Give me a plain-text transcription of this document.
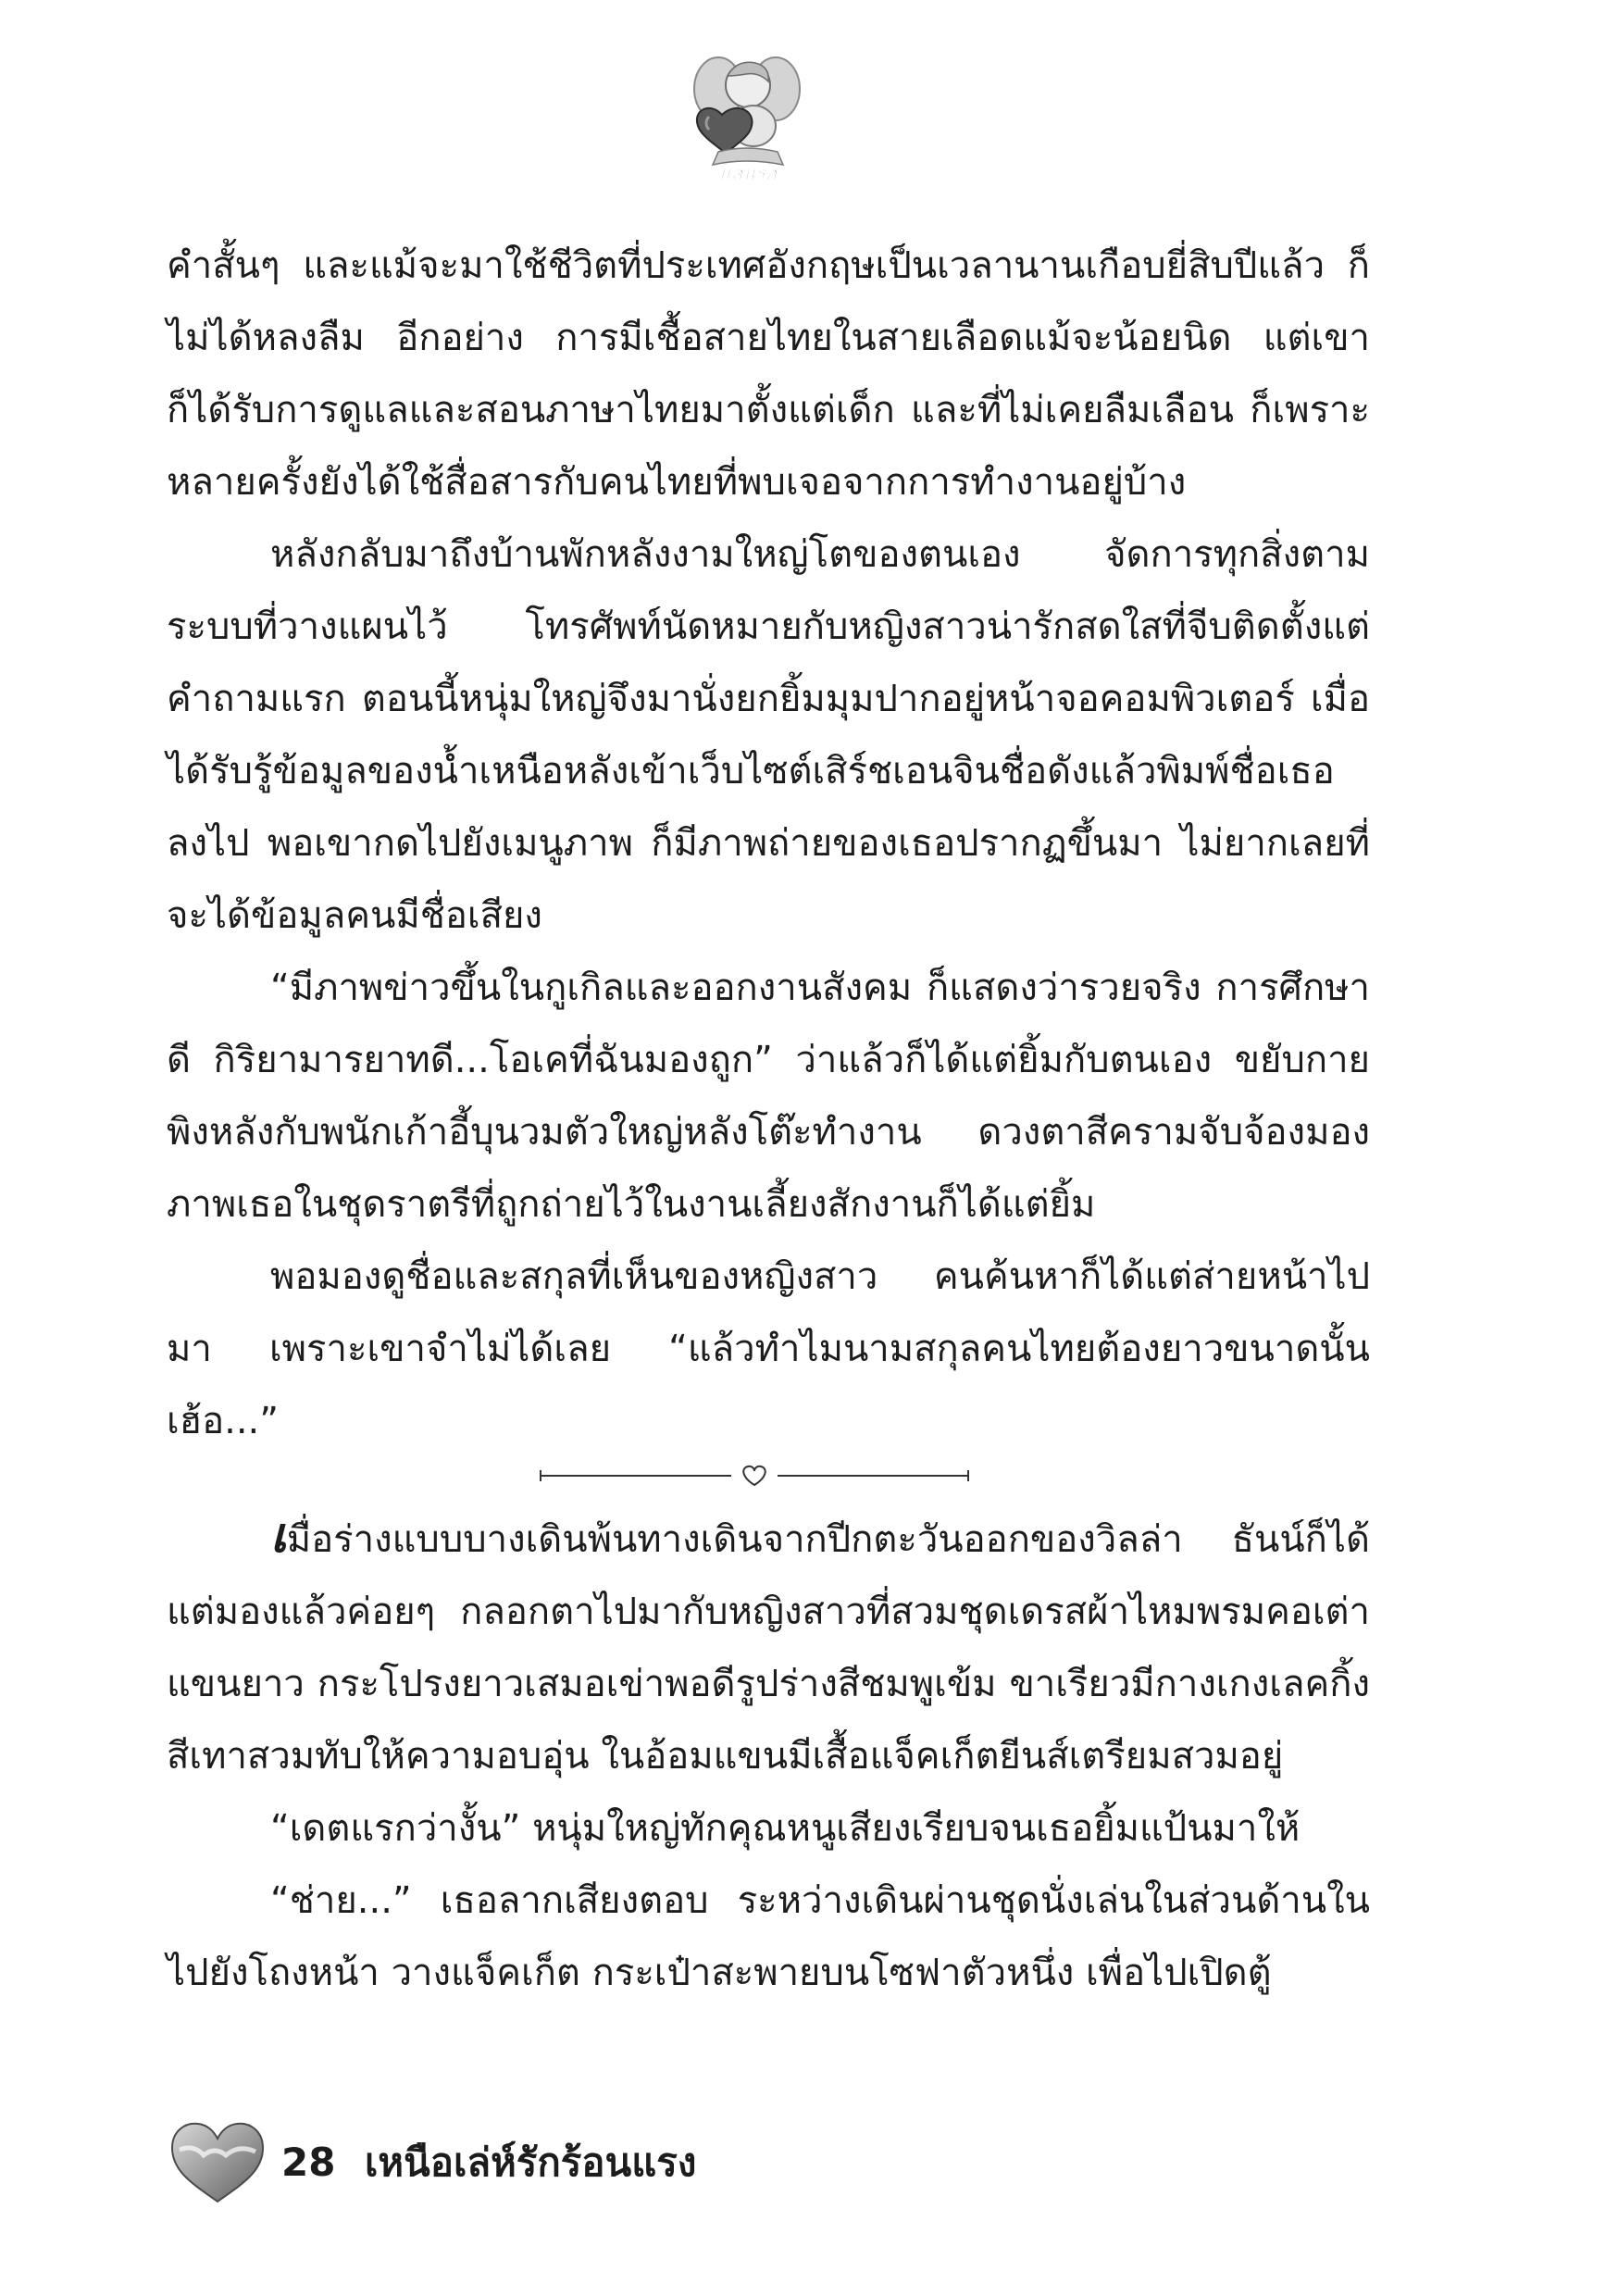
แสนรัก

คำสั้นๆ และแม้จะมาใช้ชีวิตที่ประเทศอังกฤษเป็นเวลานานเกือบยี่สิบปีแล้ว ก็ไม่ได้หลงลืม อีกอย่าง การมีเชื้อสายไทยในสายเลือดแม้จะน้อยนิด แต่เขาก็ได้รับการดูแลและสอนภาษาไทยมาตั้งแต่เด็ก และที่ไม่เคยลืมเลือน ก็เพราะหลายครั้งยังได้ใช้สื่อสารกับคนไทยที่พบเจอจากการทำงานอยู่บ้าง

หลังกลับมาถึงบ้านพักหลังงามใหญ่โตของตนเอง จัดการทุกสิ่งตามระบบที่วางแผนไว้ โทรศัพท์นัดหมายกับหญิงสาวน่ารักสดใสที่จีบติดตั้งแต่คำถามแรก ตอนนี้หนุ่มใหญ่จึงมานั่งยกยิ้มมุมปากอยู่หน้าจอคอมพิวเตอร์ เมื่อได้รับรู้ข้อมูลของน้ำเหนือหลังเข้าเว็บไซต์เสิร์ชเอนจินชื่อดังแล้วพิมพ์ชื่อเธอลงไป พอเขากดไปยังเมนูภาพ ก็มีภาพถ่ายของเธอปรากฏขึ้นมา ไม่ยากเลยที่จะได้ข้อมูลคนมีชื่อเสียง

“มีภาพข่าวขึ้นในกูเกิลและออกงานสังคม ก็แสดงว่ารวยจริง การศึกษาดี กิริยามารยาทดี...โอเคที่ฉันมองถูก” ว่าแล้วก็ได้แต่ยิ้มกับตนเอง ขยับกายพิงหลังกับพนักเก้าอี้บุนวมตัวใหญ่หลังโต๊ะทำงาน ดวงตาสีครามจับจ้องมองภาพเธอในชุดราตรีที่ถูกถ่ายไว้ในงานเลี้ยงสักงานก็ได้แต่ยิ้ม

พอมองดูชื่อและสกุลที่เห็นของหญิงสาว คนค้นหาก็ได้แต่ส่ายหน้าไปมา เพราะเขาจำไม่ได้เลย “แล้วทำไมนามสกุลคนไทยต้องยาวขนาดนั้นเฮ้อ...”

เมื่อร่างแบบบางเดินพ้นทางเดินจากปีกตะวันออกของวิลล่า ธันน์ก็ได้แต่มองแล้วค่อยๆ กลอกตาไปมากับหญิงสาวที่สวมชุดเดรสผ้าไหมพรมคอเต่าแขนยาว กระโปรงยาวเสมอเข่าพอดีรูปร่างสีชมพูเข้ม ขาเรียวมีกางเกงเลคกิ้งสีเทาสวมทับให้ความอบอุ่น ในอ้อมแขนมีเสื้อแจ็คเก็ตยีนส์เตรียมสวมอยู่

“เดตแรกว่างั้น” หนุ่มใหญ่ทักคุณหนูเสียงเรียบจนเธอยิ้มแป้นมาให้

“ช่าย...” เธอลากเสียงตอบ ระหว่างเดินผ่านชุดนั่งเล่นในส่วนด้านในไปยังโถงหน้า วางแจ็คเก็ต กระเป๋าสะพายบนโซฟาตัวหนึ่ง เพื่อไปเปิดตู้

28 เหนือเล่ห์รักร้อนแรง
